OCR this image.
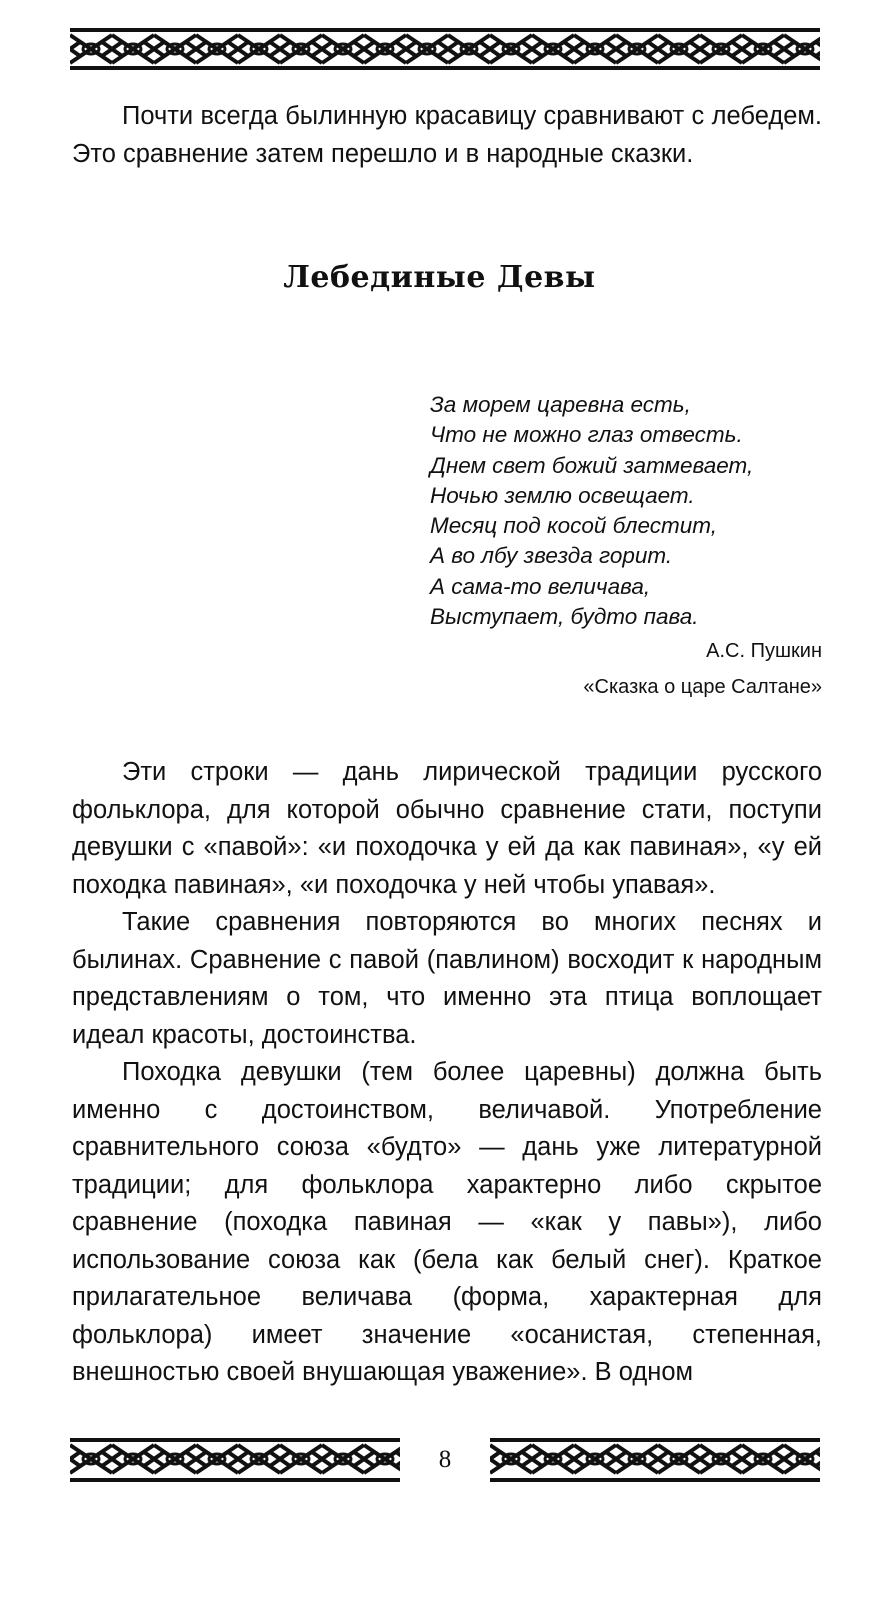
Почти всегда былинную красавицу сравнивают с лебедем. Это сравнение затем перешло и в народные сказки.

Лебединые Девы
За морем царевна есть,
Что не можно глаз отвесть.
Днем свет божий затмевает,
Ночью землю освещает.
Месяц под косой блестит,
А во лбу звезда горит.
А сама-то величава,
Выступает, будто пава.
А.С. Пушкин
«Сказка о царе Салтане»

Эти строки — дань лирической традиции русского фольклора, для которой обычно сравнение стати, поступи девушки с «павой»: «и походочка у ей да как павиная», «у ей походка павиная», «и походочка у ней чтобы упавая».

Такие сравнения повторяются во многих песнях и былинах. Сравнение с павой (павлином) восходит к народным представлениям о том, что именно эта птица воплощает идеал красоты, достоинства.

Походка девушки (тем более царевны) должна быть именно с достоинством, величавой. Употребление сравнительного союза «будто» — дань уже литературной традиции; для фольклора характерно либо скрытое сравнение (походка павиная — «как у павы»), либо использование союза как (бела как белый снег). Краткое прилагательное величава (форма, характерная для фольклора) имеет значение «осанистая, степенная, внешностью своей внушающая уважение». В одном

8
